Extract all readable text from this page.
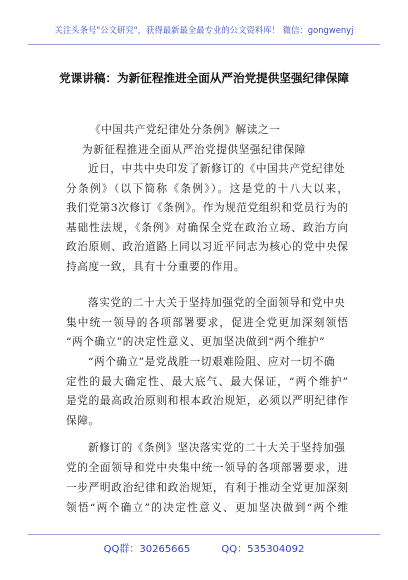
关注头条号"公文研究"，获得最新最全最专业的公文资料库！ 微信：gongwenyj
党课讲稿：为新征程推进全面从严治党提供坚强纪律保障
《中国共产党纪律处分条例》解读之一
为新征程推进全面从严治党提供坚强纪律保障
近日，中共中央印发了新修订的《中国共产党纪律处
分条例》（以下简称《条例》）。这是党的十八大以来，
我们党第3次修订《条例》。作为规范党组织和党员行为的
基础性法规，《条例》对确保全党在政治立场、政治方向
政治原则、政治道路上同以习近平同志为核心的党中央保
持高度一致，具有十分重要的作用。
落实党的二十大关于坚持加强党的全面领导和党中央
集中统一领导的各项部署要求，促进全党更加深刻领悟
“两个确立”的决定性意义、更加坚决做到“两个维护”
“两个确立”是党战胜一切艰难险阻、应对一切不确
定性的最大确定性、最大底气、最大保证，“两个维护”
是党的最高政治原则和根本政治规矩，必须以严明纪律作
保障。
新修订的《条例》坚决落实党的二十大关于坚持加强
党的全面领导和党中央集中统一领导的各项部署要求，进
一步严明政治纪律和政治规矩，有利于推动全党更加深刻
领悟“两个确立”的决定性意义、更加坚决做到“两个维
QQ群：30265665	QQ：535304092
